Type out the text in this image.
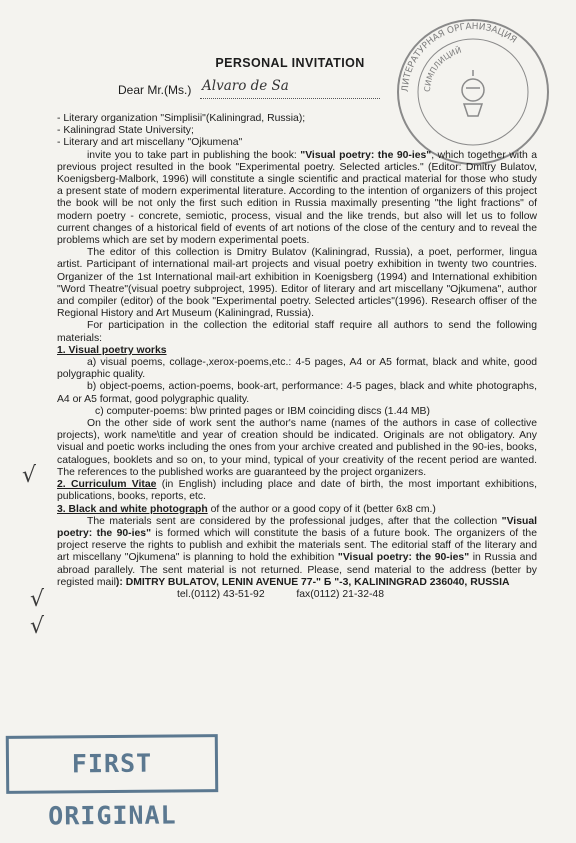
PERSONAL INVITATION
Dear Mr.(Ms.) Alvaro de Sa	ЛИТЕРАТУРНАЯ ОРГАНИЗАЦИЯ
СИМПЛИЦИЙ
√
√
√

- Literary organization "Simplisii"(Kaliningrad, Russia);

- Kaliningrad State University;

- Literary and art miscellany "Ojkumena"

invite you to take part in publishing the book: "Visual poetry: the 90-ies", which together with a previous project resulted in the book "Experimental poetry. Selected articles." (Editor: Dmitry Bulatov, Koenigsberg-Malbork, 1996) will constitute a single scientific and practical material for those who study a present state of modern experimental literature. According to the intention of organizers of this project the book will be not only the first such edition in Russia maximally presenting "the light fractions" of modern poetry - concrete, semiotic, process, visual and the like trends, but also will let us to follow current changes of a historical field of events of art notions of the close of the century and to reveal the problems which are set by modern experimental poets.

The editor of this collection is Dmitry Bulatov (Kaliningrad, Russia), a poet, performer, lingua artist. Participant of international mail-art projects and visual poetry exhibition in twenty two countries. Organizer of the 1st International mail-art exhibition in Koenigsberg (1994) and International exhibition "Word Theatre"(visual poetry subproject, 1995). Editor of literary and art miscellany "Ojkumena", author and compiler (editor) of the book "Experimental poetry. Selected articles"(1996). Research offiser of the Regional History and Art Museum (Kaliningrad, Russia).

For participation in the collection the editorial staff require all authors to send the following materials:

1. Visual poetry works

a) visual poems, collage-,xerox-poems,etc.: 4-5 pages, A4 or A5 format, black and white, good polygraphic quality.

b) object-poems, action-poems, book-art, performance: 4-5 pages, black and white photographs, A4 or A5 format, good polygraphic quality.

c) computer-poems: b\w printed pages or IBM coinciding discs (1.44 MB)

On the other side of work sent the author's name (names of the authors in case of collective projects), work name\title and year of creation should be indicated. Originals are not obligatory. Any visual and poetic works including the ones from your archive created and published in the 90-ies, books, catalogues, booklets and so on, to your mind, typical of your creativity of the recent period are wanted. The references to the published works are guaranteed by the project organizers.

2. Curriculum Vitae (in English) including place and date of birth, the most important exhibitions, publications, books, reports, etc.

3. Black and white photograph of the author or a good copy of it (better 6x8 cm.)

The materials sent are considered by the professional judges, after that the collection "Visual poetry: the 90-ies" is formed which will constitute the basis of a future book. The organizers of the project reserve the rights to publish and exhibit the materials sent. The editorial staff of the literary and art miscellany "Ojkumena" is planning to hold the exhibition "Visual poetry: the 90-ies" in Russia and abroad parallely. The sent material is not returned. Please, send material to the address (better by registed mail): DMITRY BULATOV, LENIN AVENUE 77-" Б "-3, KALININGRAD 236040, RUSSIA

tel.(0112) 43-51-92	fax(0112) 21-32-48

FIRST ORIGINAL
